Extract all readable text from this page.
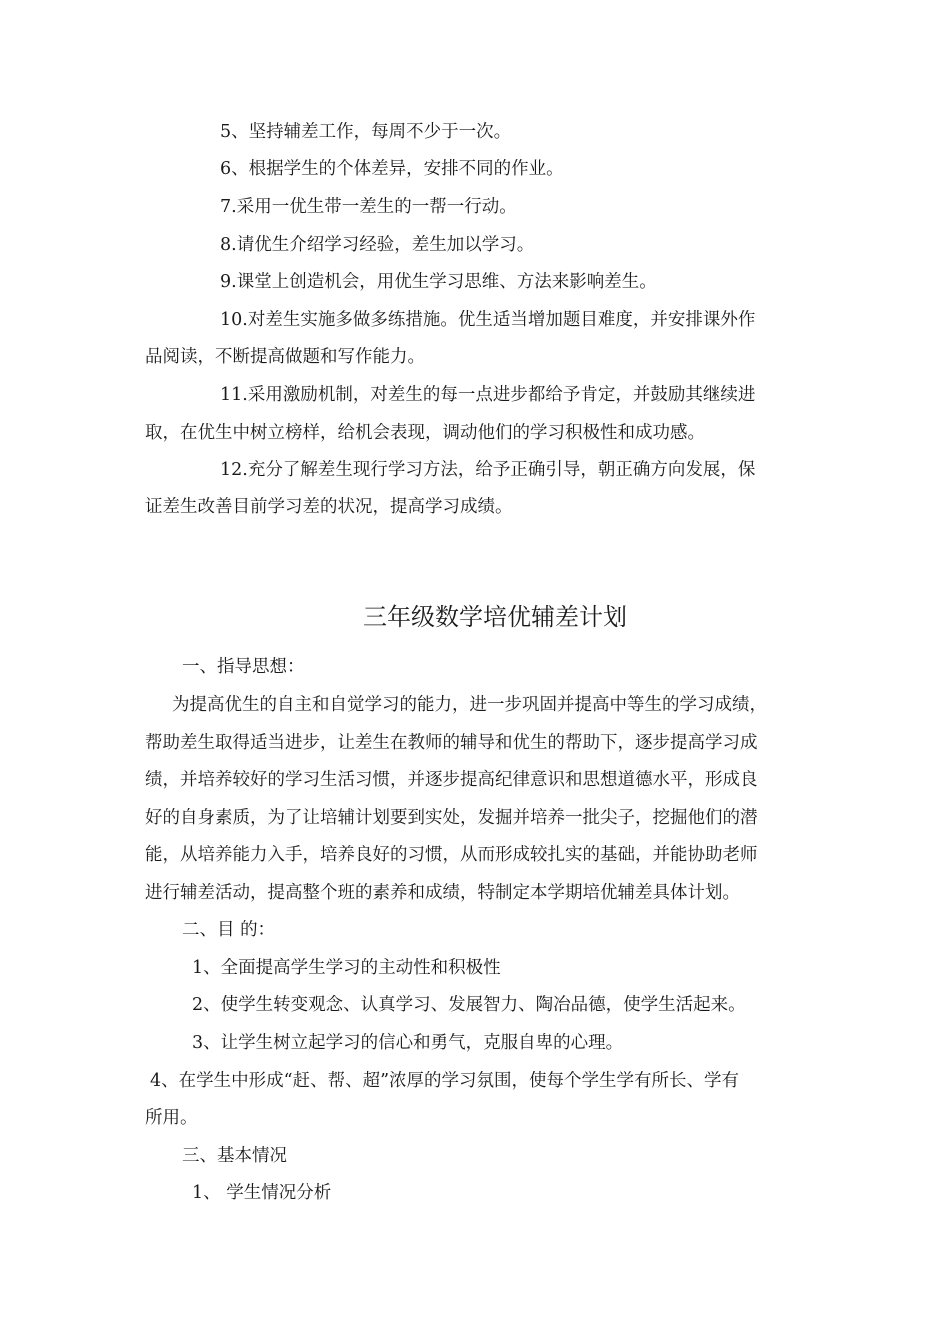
5、坚持辅差工作，每周不少于一次。
6、根据学生的个体差异，安排不同的作业。
7.采用一优生带一差生的一帮一行动。
8.请优生介绍学习经验，差生加以学习。
9.课堂上创造机会，用优生学习思维、方法来影响差生。
10.对差生实施多做多练措施。优生适当增加题目难度，并安排课外作
品阅读，不断提高做题和写作能力。
11.采用激励机制，对差生的每一点进步都给予肯定，并鼓励其继续进
取，在优生中树立榜样，给机会表现，调动他们的学习积极性和成功感。
12.充分了解差生现行学习方法，给予正确引导，朝正确方向发展，保
证差生改善目前学习差的状况，提高学习成绩。
三年级数学培优辅差计划
一、指导思想：
为提高优生的自主和自觉学习的能力，进一步巩固并提高中等生的学习成绩，
帮助差生取得适当进步，让差生在教师的辅导和优生的帮助下，逐步提高学习成
绩，并培养较好的学习生活习惯，并逐步提高纪律意识和思想道德水平，形成良
好的自身素质，为了让培辅计划要到实处，发掘并培养一批尖子，挖掘他们的潜
能，从培养能力入手，培养良好的习惯，从而形成较扎实的基础，并能协助老师
进行辅差活动，提高整个班的素养和成绩，特制定本学期培优辅差具体计划。
二、目 的：
1、全面提高学生学习的主动性和积极性
2、使学生转变观念、认真学习、发展智力、陶冶品德，使学生活起来。
3、让学生树立起学习的信心和勇气，克服自卑的心理。
4、在学生中形成“赶、帮、超”浓厚的学习氛围，使每个学生学有所长、学有
所用。
三、基本情况
1、 学生情况分析
